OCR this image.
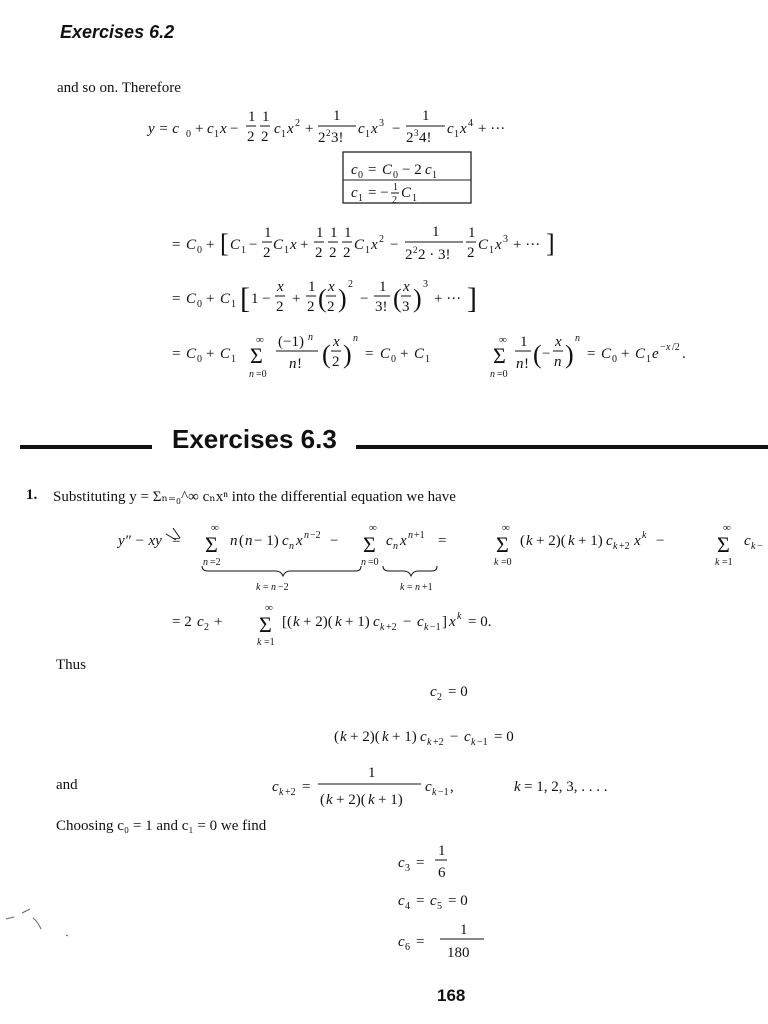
Exercises 6.2
and so on. Therefore
y = c 0 + c 1 x −
1
2
1
2 c 1 x 2 +
1
2 2 3!
c 1 x 3 −
1
2 3 4!
c 1 x 4 + ···
c 0 = C 0 − 2 c 1
c 1 = − 1
2 C 1
= C 0 + [ C 1 −
1
2 C 1 x +
1
2
1
2
1
2 C 1 x 2 −
1
2 2 2 · 3!
1
2 C 1 x 3 + ··· ]
= C 0 + C 1 [ 1 −
x
2 +
1
2 ( x
2 ) 2
−
1
3! ( x
3 ) 3
+ ··· ]
= C 0 + C 1
∞
Σ
n =0
(−1) n
n ! ( x
2 )
n
= C 0 + C 1
∞
Σ
n =0
1
n ! ( −
x
n )
n
= C 0 + C 1 e − x /2 .
y″ − xy =
∞
Σ
n =2
n ( n − 1) c n x n −2 −
∞
Σ
n =0
c n x n +1 =
∞
Σ
k =0
( k + 2)( k + 1) c k +2 x k −
∞
Σ
k =1
c k −
k = n −2	k = n +1
= 2 c 2 +
∞
Σ
k =1
[( k + 2)( k + 1) c k +2 − c k −1 ] x k = 0.
c 2 = 0
( k + 2)( k + 1) c k +2 − c k −1 = 0
c k +2 =
1
( k + 2)( k + 1)
c k −1 ,	k = 1, 2, 3, . . . .
c 3 =
1
6
c 4 = c 5 = 0
c 6 =
1
180
Exercises 6.3
1. Substituting y = Σₙ₌₀^∞ cₙxⁿ into the differential equation we have
Thus
and
Choosing c₀ = 1 and c₁ = 0 we find
168
